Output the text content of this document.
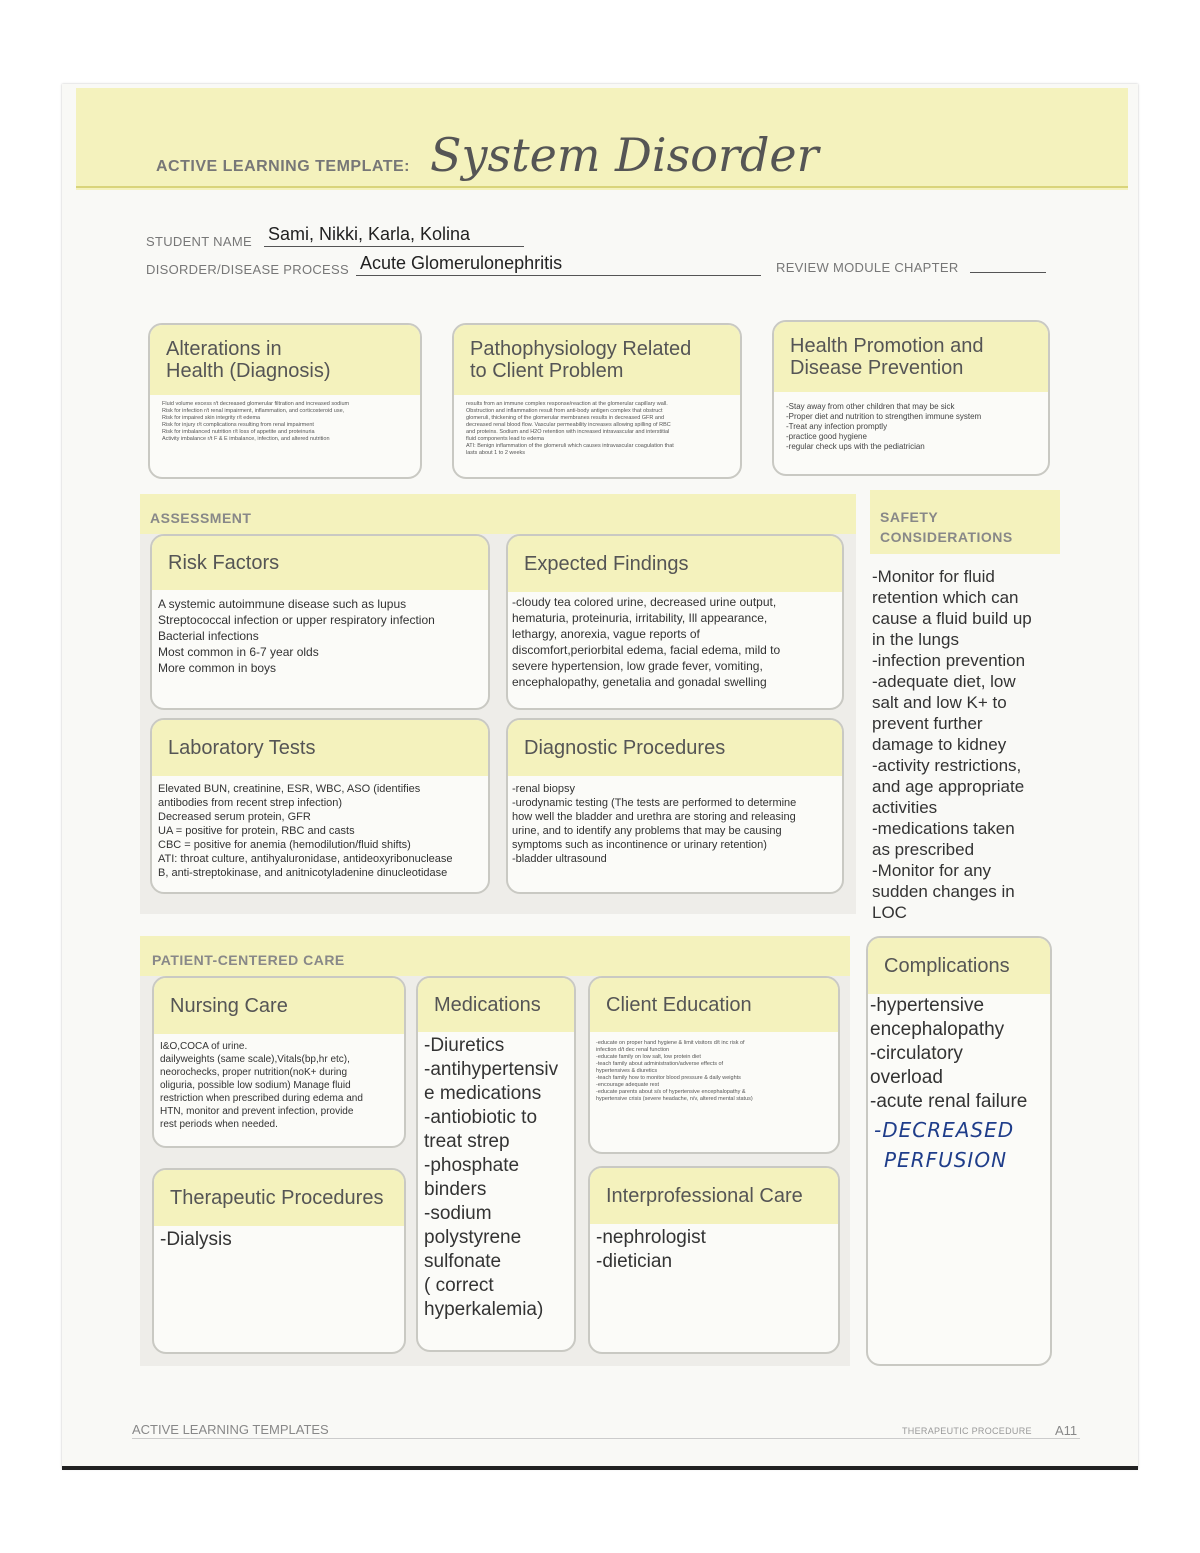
ACTIVE LEARNING TEMPLATE: System Disorder
STUDENT NAME Sami, Nikki, Karla, Kolina
DISORDER/DISEASE PROCESS Acute Glomerulonephritis	REVIEW MODULE CHAPTER
Alterations in
Health (Diagnosis)
Fluid volume excess r/t decreased glomerular filtration and increased sodium
Risk for infection r/t renal impairment, inflammation, and corticosteroid use,
Risk for impaired skin integrity r/t edema
Risk for injury r/t complications resulting from renal impairment
Risk for imbalanced nutrition r/t loss of appetite and proteinuria
Activity imbalance r/t F & E imbalance, infection, and altered nutrition
Pathophysiology Related
to Client Problem
results from an immune complex response/reaction at the glomerular capillary wall.
Obstruction and inflammation result from anti-body antigen complex that obstruct
glomeruli, thickening of the glomerular membranes results in decreased GFR and
decreased renal blood flow. Vascular permeability increases allowing spilling of RBC
and proteins. Sodium and H2O retention with increased intravascular and interstitial
fluid components lead to edema
ATI: Benign inflammation of the glomeruli which causes intravascular coagulation that
lasts about 1 to 2 weeks
Health Promotion and
Disease Prevention
-Stay away from other children that may be sick
-Proper diet and nutrition to strengthen immune system
-Treat any infection promptly
-practice good hygiene
-regular check ups with the pediatrician
ASSESSMENT
Risk Factors
A systemic autoimmune disease such as lupus
Streptococcal infection or upper respiratory infection
Bacterial infections
Most common in 6-7 year olds
More common in boys
Expected Findings
-cloudy tea colored urine, decreased urine output,
hematuria, proteinuria, irritability, Ill appearance,
lethargy, anorexia, vague reports of
discomfort,periorbital edema, facial edema, mild to
severe hypertension, low grade fever, vomiting,
encephalopathy, genetalia and gonadal swelling
Laboratory Tests
Elevated BUN, creatinine, ESR, WBC, ASO (identifies
antibodies from recent strep infection)
Decreased serum protein, GFR
UA = positive for protein, RBC and casts
CBC = positive for anemia (hemodilution/fluid shifts)
ATI: throat culture, antihyaluronidase, antideoxyribonuclease
B, anti-streptokinase, and anitnicotyladenine dinucleotidase
Diagnostic Procedures
-renal biopsy
-urodynamic testing (The tests are performed to determine
how well the bladder and urethra are storing and releasing
urine, and to identify any problems that may be causing
symptoms such as incontinence or urinary retention)
-bladder ultrasound
SAFETY
CONSIDERATIONS
-Monitor for fluid
retention which can
cause a fluid build up
in the lungs
-infection prevention
-adequate diet, low
salt and low K+ to
prevent further
damage to kidney
-activity restrictions,
and age appropriate
activities
-medications taken
as prescribed
-Monitor for any
sudden changes in
LOC
PATIENT-CENTERED CARE
Nursing Care
I&O,COCA of urine.
dailyweights (same scale),Vitals(bp,hr etc),
neorochecks, proper nutrition(noK+ during
oliguria, possible low sodium) Manage fluid
restriction when prescribed during edema and
HTN, monitor and prevent infection, provide
rest periods when needed.
Medications
-Diuretics
-antihypertensiv
e medications
-antiobiotic to
treat strep
-phosphate
binders
-sodium
polystyrene
sulfonate
( correct
hyperkalemia)
Client Education
-educate on proper hand hygiene & limit visitors d/t inc risk of
infection d/t dec renal function
-educate family on low salt, low protein diet
-teach family about administration/adverse effects of
hypertensives & diuretics
-teach family how to monitor blood pressure & daily weights
-encourage adequate rest
-educate parents about s/s of hypertensive encephalopathy &
hypertensive crisis (severe headache, n/v, altered mental status)
Therapeutic Procedures
-Dialysis
Interprofessional Care
-nephrologist
-dietician
Complications
-hypertensive
encephalopathy
-circulatory
overload
-acute renal failure
-DECREASED
PERFUSION
ACTIVE LEARNING TEMPLATES	THERAPEUTIC PROCEDURE A11
